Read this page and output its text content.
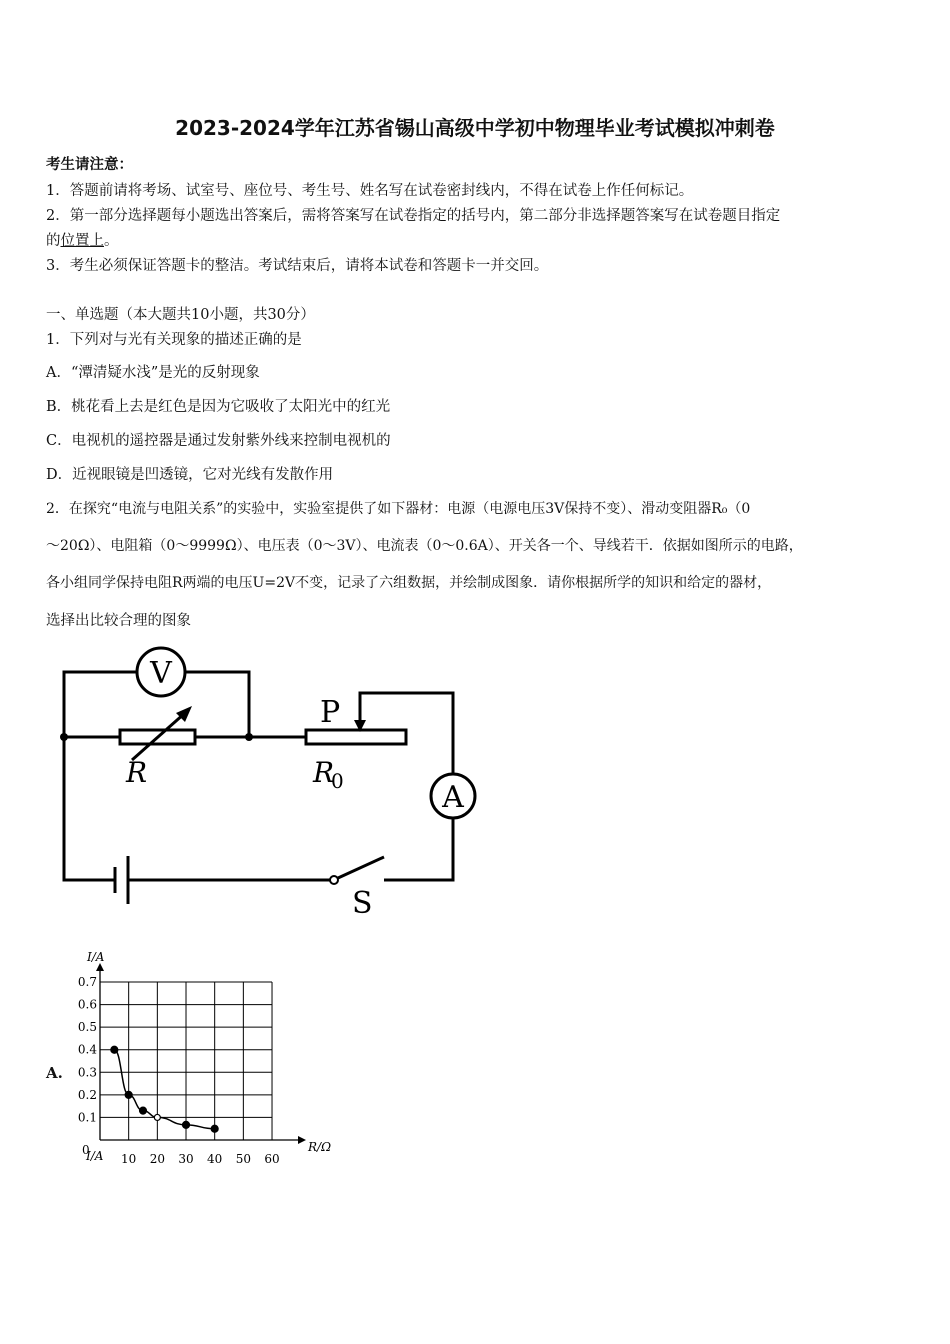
2023-2024学年江苏省锡山高级中学初中物理毕业考试模拟冲刺卷
考生请注意：
1．答题前请将考场、试室号、座位号、考生号、姓名写在试卷密封线内，不得在试卷上作任何标记。
2．第一部分选择题每小题选出答案后，需将答案写在试卷指定的括号内，第二部分非选择题答案写在试卷题目指定
的位置上。
3．考生必须保证答题卡的整洁。考试结束后，请将本试卷和答题卡一并交回。
一、单选题（本大题共10小题，共30分）
1．下列对与光有关现象的描述正确的是
A．“潭清疑水浅”是光的反射现象
B．桃花看上去是红色是因为它吸收了太阳光中的红光
C．电视机的遥控器是通过发射紫外线来控制电视机的
D．近视眼镜是凹透镜，它对光线有发散作用
2．在探究“电流与电阻关系”的实验中，实验室提供了如下器材：电源（电源电压3V保持不变）、滑动变阻器R₀（0
～20Ω）、电阻箱（0～9999Ω）、电压表（0～3V）、电流表（0～0.6A）、开关各一个、导线若干．依据如图所示的电路，
各小组同学保持电阻R两端的电压U=2V不变，记录了六组数据，并绘制成图象．请你根据所学的知识和给定的器材，
选择出比较合理的图象
V
R
P
R
0	A
S
A.
10 20 30 40 50 60
0.1
0.2
0.3
0.4
0.5
0.6
0.7
I/A
R/Ω
0
I/A
